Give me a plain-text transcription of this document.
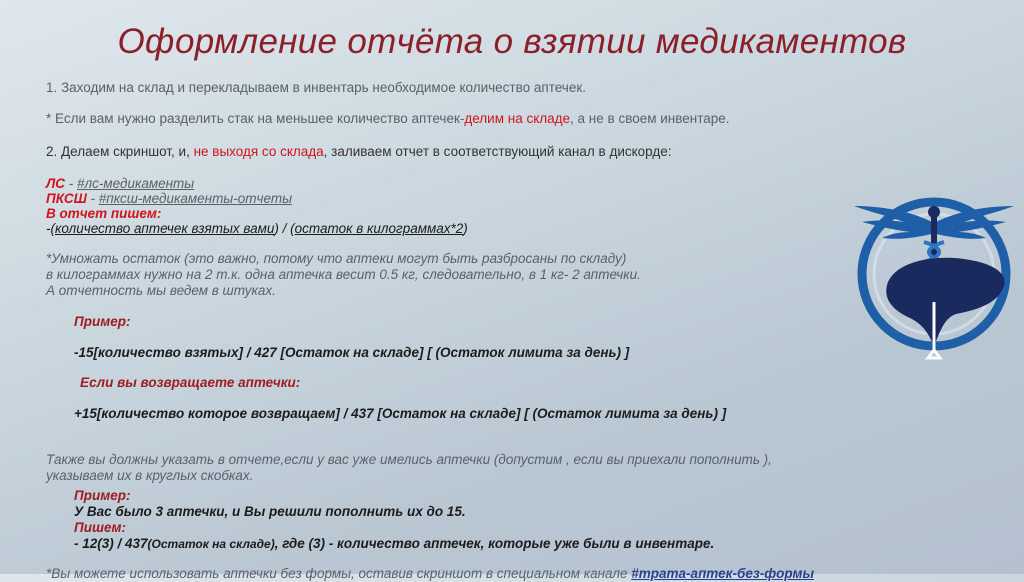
Оформление отчёта о взятии медикаментов
1. Заходим на склад и перекладываем в инвентарь необходимое количество аптечек.
* Если вам нужно разделить стак на меньшее количество аптечек-делим на складе, а не в своем инвентаре.
2. Делаем скриншот, и, не выходя со склада, заливаем отчет в соответствующий канал в дискорде:
ЛС - #лс-медикаменты
ПКСШ - #пксш-медикаменты-отчеты
В отчет пишем:
-(количество аптечек взятых вами) / (остаток в килограммах*2)
*Умножать остаток (это важно, потому что аптеки могут быть разбросаны по складу)
в килограммах нужно на 2 т.к. одна аптечка весит 0.5 кг, следовательно, в 1 кг- 2 аптечки.
А отчетность мы ведем в штуках.
Пример:
-15[количество взятых] / 427 [Остаток на складе] [ (Остаток лимита за день) ]
Если вы возвращаете аптечки:
+15[количество которое возвращаем] / 437 [Остаток на складе] [ (Остаток лимита за день) ]
Также вы должны указать в отчете,если у вас уже имелись аптечки (допустим , если вы приехали пополнить ),
указываем их в круглых скобках.
Пример:
У Вас было 3 аптечки, и Вы решили пополнить их до 15.
Пишем:
- 12(3) / 437(Остаток на складе), где (3) - количество аптечек, которые уже были в инвентаре.
*Вы можете использовать аптечки без формы, оставив скриншот в специальном канале #трата-аптек-без-формы
